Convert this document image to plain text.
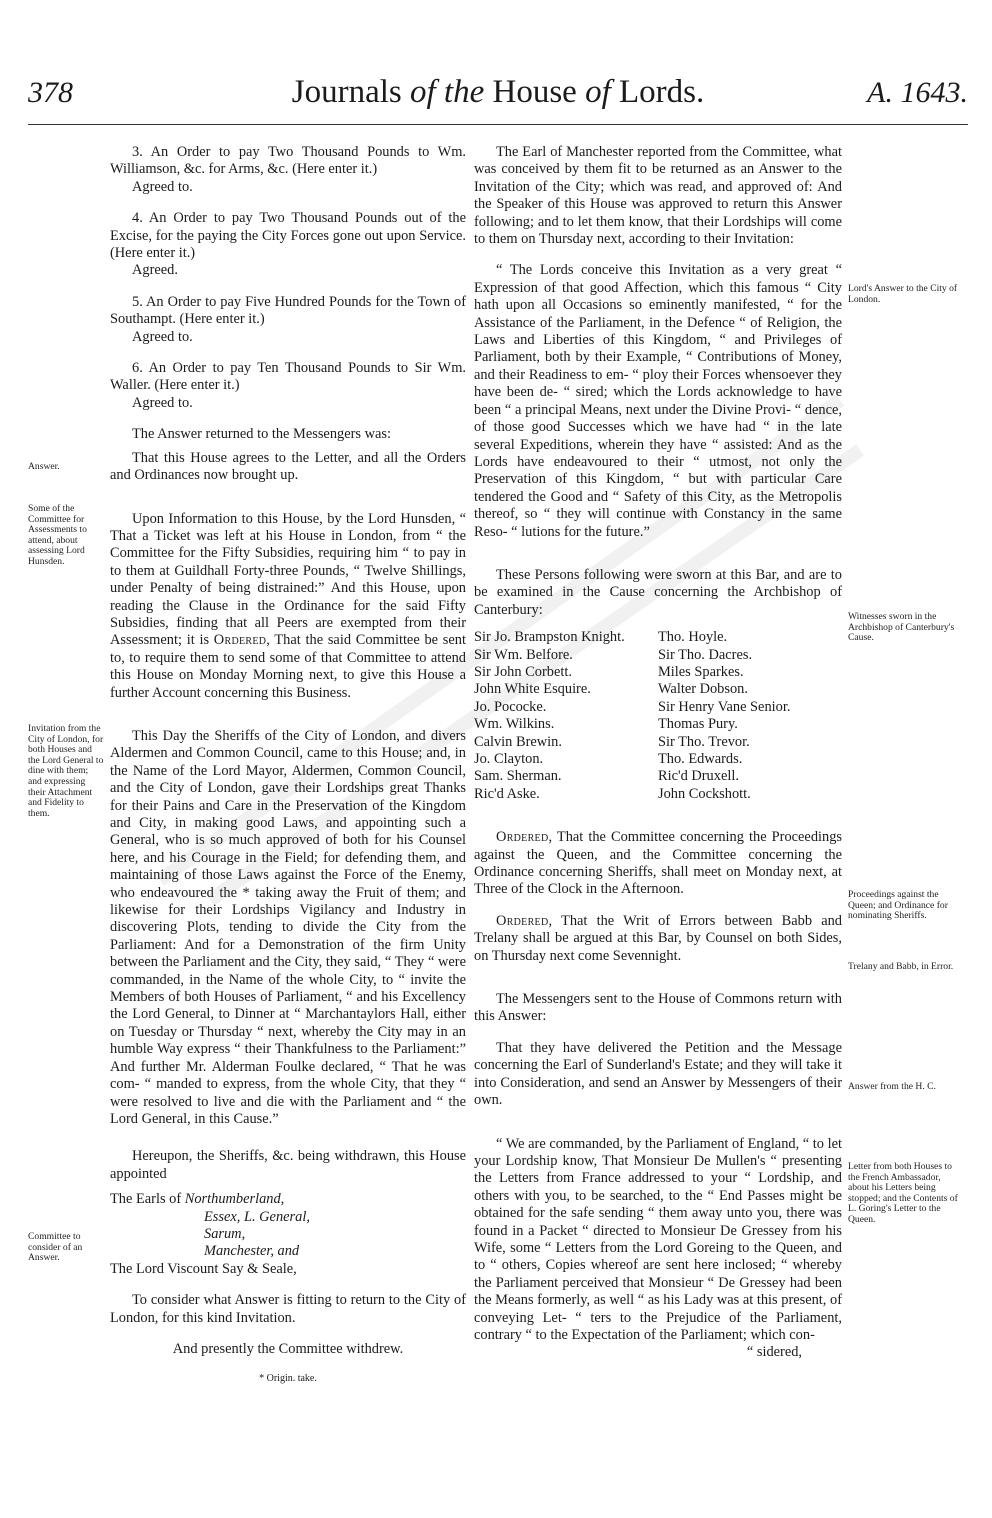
378	Journals of the House of Lords.	A. 1643.
Answer.
Some of the Committee for Assessments to attend, about assessing Lord Hunsden.
Invitation from the City of London, for both Houses and the Lord General to dine with them; and expressing their Attachment and Fidelity to them.
Committee to consider of an Answer.
Lord's Answer to the City of London.
Witnesses sworn in the Archbishop of Canterbury's Cause.
Proceedings against the Queen; and Ordinance for nominating Sheriffs.
Trelany and Babb, in Error.
Answer from the H. C.
Letter from both Houses to the French Ambassador, about his Letters being stopped; and the Contents of L. Goring's Letter to the Queen.

3. An Order to pay Two Thousand Pounds to Wm. Williamson, &c. for Arms, &c. (Here enter it.)

Agreed to.

4. An Order to pay Two Thousand Pounds out of the Excise, for the paying the City Forces gone out upon Service. (Here enter it.)

Agreed.

5. An Order to pay Five Hundred Pounds for the Town of Southampt. (Here enter it.)

Agreed to.

6. An Order to pay Ten Thousand Pounds to Sir Wm. Waller. (Here enter it.)

Agreed to.

The Answer returned to the Messengers was:

That this House agrees to the Letter, and all the Orders and Ordinances now brought up.

Upon Information to this House, by the Lord Hunsden, “ That a Ticket was left at his House in London, from “ the Committee for the Fifty Subsidies, requiring him “ to pay in to them at Guildhall Forty-three Pounds, “ Twelve Shillings, under Penalty of being distrained:” And this House, upon reading the Clause in the Ordinance for the said Fifty Subsidies, finding that all Peers are exempted from their Assessment; it is Ordered, That the said Committee be sent to, to require them to send some of that Committee to attend this House on Monday Morning next, to give this House a further Account concerning this Business.

This Day the Sheriffs of the City of London, and divers Aldermen and Common Council, came to this House; and, in the Name of the Lord Mayor, Aldermen, Common Council, and the City of London, gave their Lordships great Thanks for their Pains and Care in the Preservation of the Kingdom and City, in making good Laws, and appointing such a General, who is so much approved of both for his Counsel here, and his Courage in the Field; for defending them, and maintaining of those Laws against the Force of the Enemy, who endeavoured the * taking away the Fruit of them; and likewise for their Lordships Vigilancy and Industry in discovering Plots, tending to divide the City from the Parliament: And for a Demonstration of the firm Unity between the Parliament and the City, they said, “ They “ were commanded, in the Name of the whole City, to “ invite the Members of both Houses of Parliament, “ and his Excellency the Lord General, to Dinner at “ Marchantaylors Hall, either on Tuesday or Thursday “ next, whereby the City may in an humble Way express “ their Thankfulness to the Parliament:” And further Mr. Alderman Foulke declared, “ That he was com- “ manded to express, from the whole City, that they “ were resolved to live and die with the Parliament and “ the Lord General, in this Cause.”

Hereupon, the Sheriffs, &c. being withdrawn, this House appointed

The Earls of Northumberland,
Essex, L. General,
Sarum,
Manchester, and
The Lord Viscount Say & Seale,

To consider what Answer is fitting to return to the City of London, for this kind Invitation.

And presently the Committee withdrew.

* Origin. take.

The Earl of Manchester reported from the Committee, what was conceived by them fit to be returned as an Answer to the Invitation of the City; which was read, and approved of: And the Speaker of this House was approved to return this Answer following; and to let them know, that their Lordships will come to them on Thursday next, according to their Invitation:

“ The Lords conceive this Invitation as a very great “ Expression of that good Affection, which this famous “ City hath upon all Occasions so eminently manifested, “ for the Assistance of the Parliament, in the Defence “ of Religion, the Laws and Liberties of this Kingdom, “ and Privileges of Parliament, both by their Example, “ Contributions of Money, and their Readiness to em- “ ploy their Forces whensoever they have been de- “ sired; which the Lords acknowledge to have been “ a principal Means, next under the Divine Provi- “ dence, of those good Successes which we have had “ in the late several Expeditions, wherein they have “ assisted: And as the Lords have endeavoured to their “ utmost, not only the Preservation of this Kingdom, “ but with particular Care tendered the Good and “ Safety of this City, as the Metropolis thereof, so “ they will continue with Constancy in the same Reso- “ lutions for the future.”

These Persons following were sworn at this Bar, and are to be examined in the Cause concerning the Archbishop of Canterbury:

Sir Jo. Brampston Knight.
Sir Wm. Belfore.
Sir John Corbett.
John White Esquire.
Jo. Pococke.
Wm. Wilkins.
Calvin Brewin.
Jo. Clayton.
Sam. Sherman.
Ric'd Aske.
Tho. Hoyle.
Sir Tho. Dacres.
Miles Sparkes.
Walter Dobson.
Sir Henry Vane Senior.
Thomas Pury.
Sir Tho. Trevor.
Tho. Edwards.
Ric'd Druxell.
John Cockshott.

Ordered, That the Committee concerning the Proceedings against the Queen, and the Committee concerning the Ordinance concerning Sheriffs, shall meet on Monday next, at Three of the Clock in the Afternoon.

Ordered, That the Writ of Errors between Babb and Trelany shall be argued at this Bar, by Counsel on both Sides, on Thursday next come Sevennight.

The Messengers sent to the House of Commons return with this Answer:

That they have delivered the Petition and the Message concerning the Earl of Sunderland's Estate; and they will take it into Consideration, and send an Answer by Messengers of their own.

“ We are commanded, by the Parliament of England, “ to let your Lordship know, That Monsieur De Mullen's “ presenting the Letters from France addressed to your “ Lordship, and others with you, to be searched, to the “ End Passes might be obtained for the safe sending “ them away unto you, there was found in a Packet “ directed to Monsieur De Gressey from his Wife, some “ Letters from the Lord Goreing to the Queen, and to “ others, Copies whereof are sent here inclosed; “ whereby the Parliament perceived that Monsieur “ De Gressey had been the Means formerly, as well “ as his Lady was at this present, of conveying Let- “ ters to the Prejudice of the Parliament, contrary “ to the Expectation of the Parliament; which con-

“ sidered,
